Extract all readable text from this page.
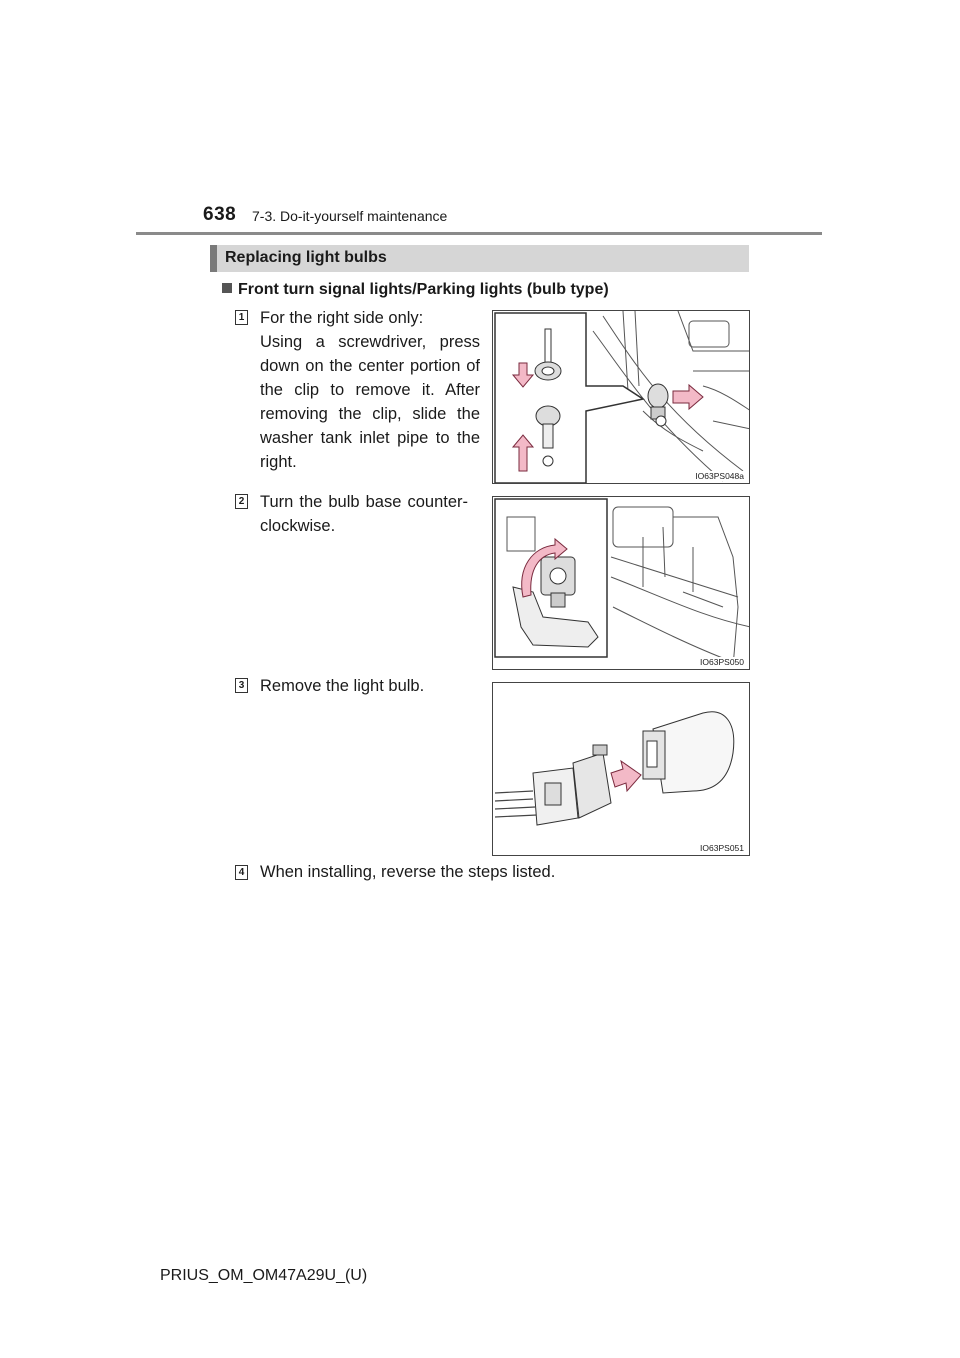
638 7-3. Do-it-yourself maintenance
Replacing light bulbs
Front turn signal lights/Parking lights (bulb type)
1 For the right side only:
Using a screwdriver, press down on the center portion of the clip to remove it. After removing the clip, slide the washer tank inlet pipe to the right.
IO63PS048a
2 Turn the bulb base counter-clockwise.
IO63PS050
3 Remove the light bulb.
IO63PS051
4 When installing, reverse the steps listed.
PRIUS_OM_OM47A29U_(U)
